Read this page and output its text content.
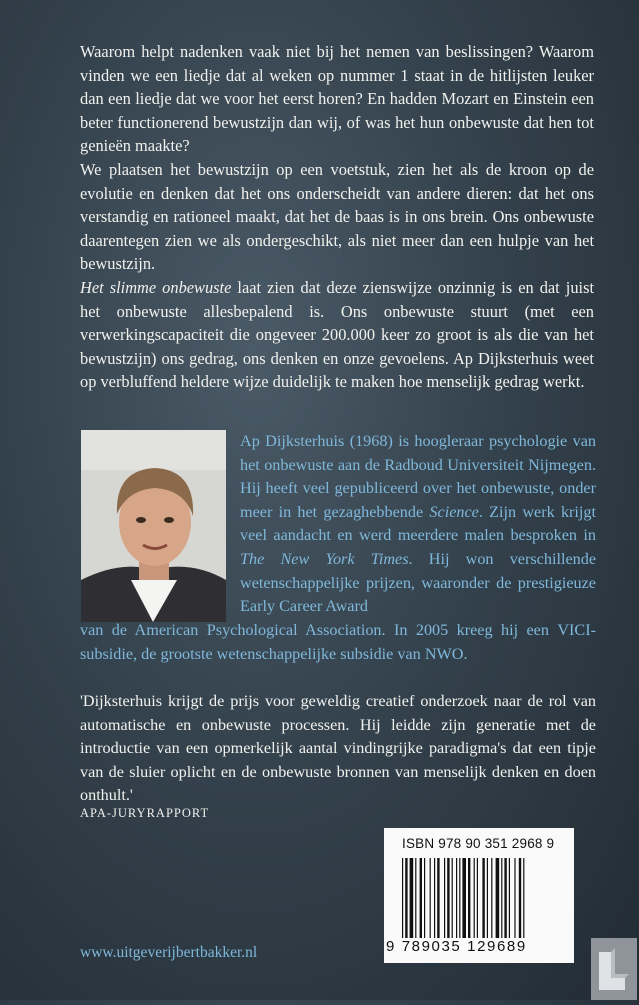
Waarom helpt nadenken vaak niet bij het nemen van beslissingen? Waarom vinden we een liedje dat al weken op nummer 1 staat in de hitlijsten leuker dan een liedje dat we voor het eerst horen? En hadden Mozart en Einstein een beter functionerend bewustzijn dan wij, of was het hun onbewuste dat hen tot genieën maakte?

We plaatsen het bewustzijn op een voetstuk, zien het als de kroon op de evolutie en denken dat het ons onderscheidt van andere dieren: dat het ons verstandig en rationeel maakt, dat het de baas is in ons brein. Ons onbewuste daarentegen zien we als ondergeschikt, als niet meer dan een hulpje van het bewustzijn.

Het slimme onbewuste laat zien dat deze zienswijze onzinnig is en dat juist het onbewuste allesbepalend is. Ons onbewuste stuurt (met een verwerkingscapaciteit die ongeveer 200.000 keer zo groot is als die van het bewustzijn) ons gedrag, ons denken en onze gevoelens. Ap Dijksterhuis weet op verbluffend heldere wijze duidelijk te maken hoe menselijk gedrag werkt.

Ap Dijksterhuis (1968) is hoogleraar psychologie van het onbewuste aan de Radboud Universiteit Nijmegen. Hij heeft veel gepubliceerd over het onbewuste, onder meer in het gezaghebbende Science. Zijn werk krijgt veel aandacht en werd meerdere malen besproken in The New York Times. Hij won verschillende wetenschappelijke prijzen, waaronder de prestigieuze Early Career Award

van de American Psychological Association. In 2005 kreeg hij een VICI-subsidie, de grootste wetenschappelijke subsidie van NWO.

'Dijksterhuis krijgt de prijs voor geweldig creatief onderzoek naar de rol van automatische en onbewuste processen. Hij leidde zijn generatie met de introductie van een opmerkelijk aantal vindingrijke paradigma's dat een tipje van de sluier oplicht en de onbewuste bronnen van menselijk denken en doen onthult.'

APA-JURYRAPPORT
ISBN 978 90 351 2968 9
9 789035 129689
www.uitgeverijbertbakker.nl
